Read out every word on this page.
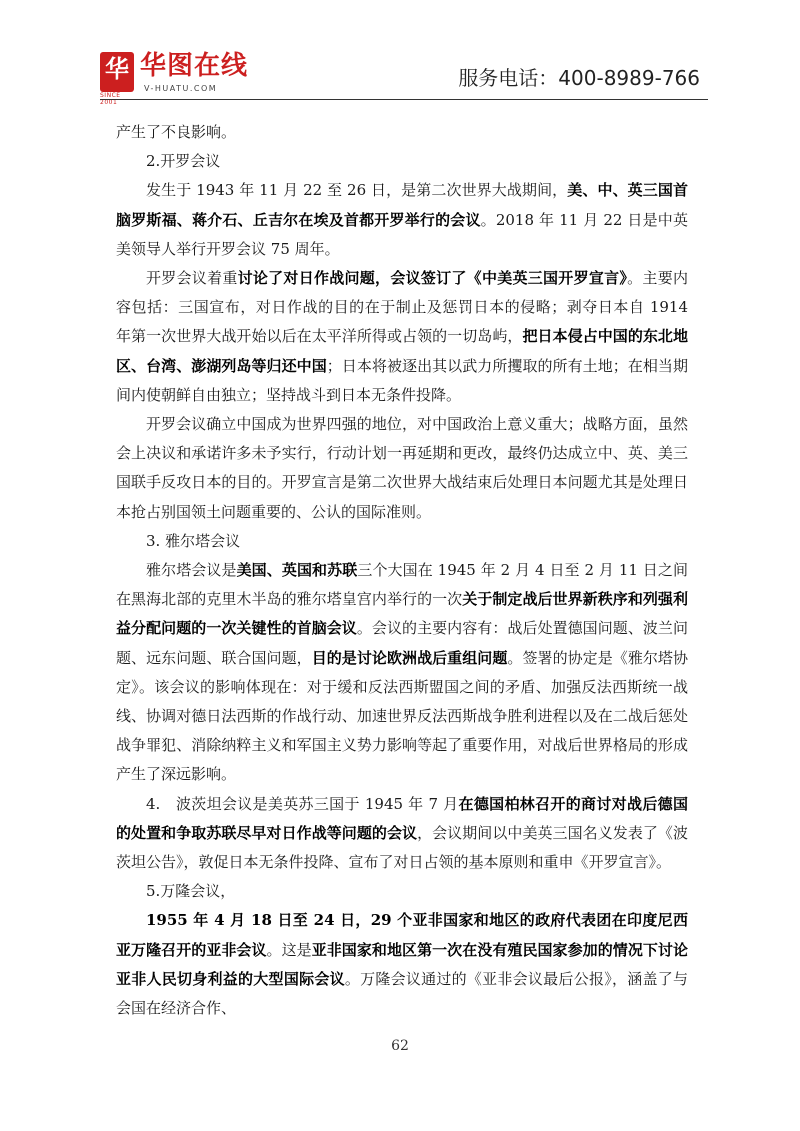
华
SINCE 2001
华图在线
V-HUATU.COM	服务电话：400-8989-766

产生了不良影响。

2.开罗会议

发生于 1943 年 11 月 22 至 26 日，是第二次世界大战期间，美、中、英三国首脑罗斯福、蒋介石、丘吉尔在埃及首都开罗举行的会议。2018 年 11 月 22 日是中英美领导人举行开罗会议 75 周年。

开罗会议着重讨论了对日作战问题，会议签订了《中美英三国开罗宣言》。主要内容包括：三国宣布，对日作战的目的在于制止及惩罚日本的侵略；剥夺日本自 1914 年第一次世界大战开始以后在太平洋所得或占领的一切岛屿，把日本侵占中国的东北地区、台湾、澎湖列岛等归还中国；日本将被逐出其以武力所攫取的所有土地；在相当期间内使朝鲜自由独立；坚持战斗到日本无条件投降。

开罗会议确立中国成为世界四强的地位，对中国政治上意义重大；战略方面，虽然会上决议和承诺许多未予实行，行动计划一再延期和更改，最终仍达成立中、英、美三国联手反攻日本的目的。开罗宣言是第二次世界大战结束后处理日本问题尤其是处理日本抢占别国领土问题重要的、公认的国际准则。

3. 雅尔塔会议

雅尔塔会议是美国、英国和苏联三个大国在 1945 年 2 月 4 日至 2 月 11 日之间在黑海北部的克里木半岛的雅尔塔皇宫内举行的一次关于制定战后世界新秩序和列强利益分配问题的一次关键性的首脑会议。会议的主要内容有：战后处置德国问题、波兰问题、远东问题、联合国问题，目的是讨论欧洲战后重组问题。签署的协定是《雅尔塔协定》。该会议的影响体现在：对于缓和反法西斯盟国之间的矛盾、加强反法西斯统一战线、协调对德日法西斯的作战行动、加速世界反法西斯战争胜利进程以及在二战后惩处战争罪犯、消除纳粹主义和军国主义势力影响等起了重要作用，对战后世界格局的形成产生了深远影响。

4.　波茨坦会议是美英苏三国于 1945 年 7 月在德国柏林召开的商讨对战后德国的处置和争取苏联尽早对日作战等问题的会议，会议期间以中美英三国名义发表了《波茨坦公告》，敦促日本无条件投降、宣布了对日占领的基本原则和重申《开罗宣言》。

5.万隆会议，

1955 年 4 月 18 日至 24 日，29 个亚非国家和地区的政府代表团在印度尼西亚万隆召开的亚非会议。这是亚非国家和地区第一次在没有殖民国家参加的情况下讨论亚非人民切身利益的大型国际会议。万隆会议通过的《亚非会议最后公报》，涵盖了与会国在经济合作、

62
